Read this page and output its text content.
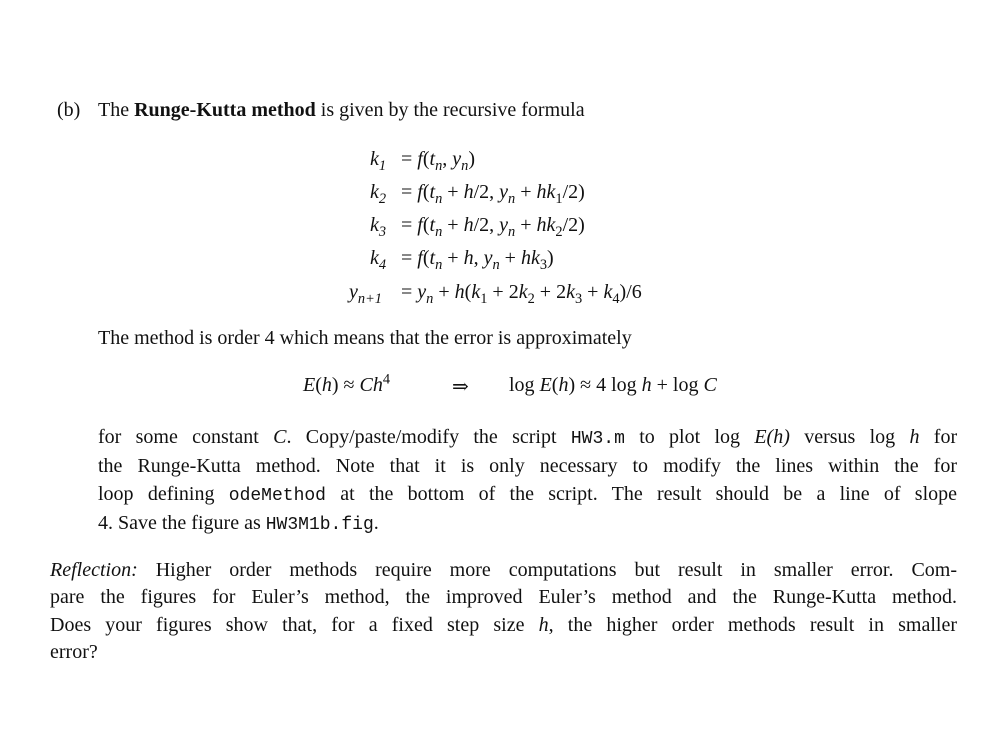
(b) The Runge-Kutta method is given by the recursive formula
$k_1 = f(t_n$, $y_n$)
$k_2 = f(t_n + h/2$, $y_n + hk_1/2$)
$k_3 = f(t_n + h/2$, $y_n + hk_2/2$)
$k_4 = f(t_n + h$, $y_n + hk_3$)
$y_{n+1} = y_n + h(k_1 + 2k_2 + 2k_3 + k_4)/6$
The method is order 4 which means that the error is approximately
$E(h) \approx Ch^4$	⇒ log E(h) ≈ 4 log h + log C
for some constant C. Copy/paste/modify the script HW3.m to plot log E(h) versus log h for
the Runge-Kutta method. Note that it is only necessary to modify the lines within the for
loop defining odeMethod at the bottom of the script. The result should be a line of slope
4. Save the figure as HW3M1b.fig.
Reflection: Higher order methods require more computations but result in smaller error. Com-
pare the figures for Euler’s method, the improved Euler’s method and the Runge-Kutta method.
Does your figures show that, for a fixed step size h, the higher order methods result in smaller
error?
